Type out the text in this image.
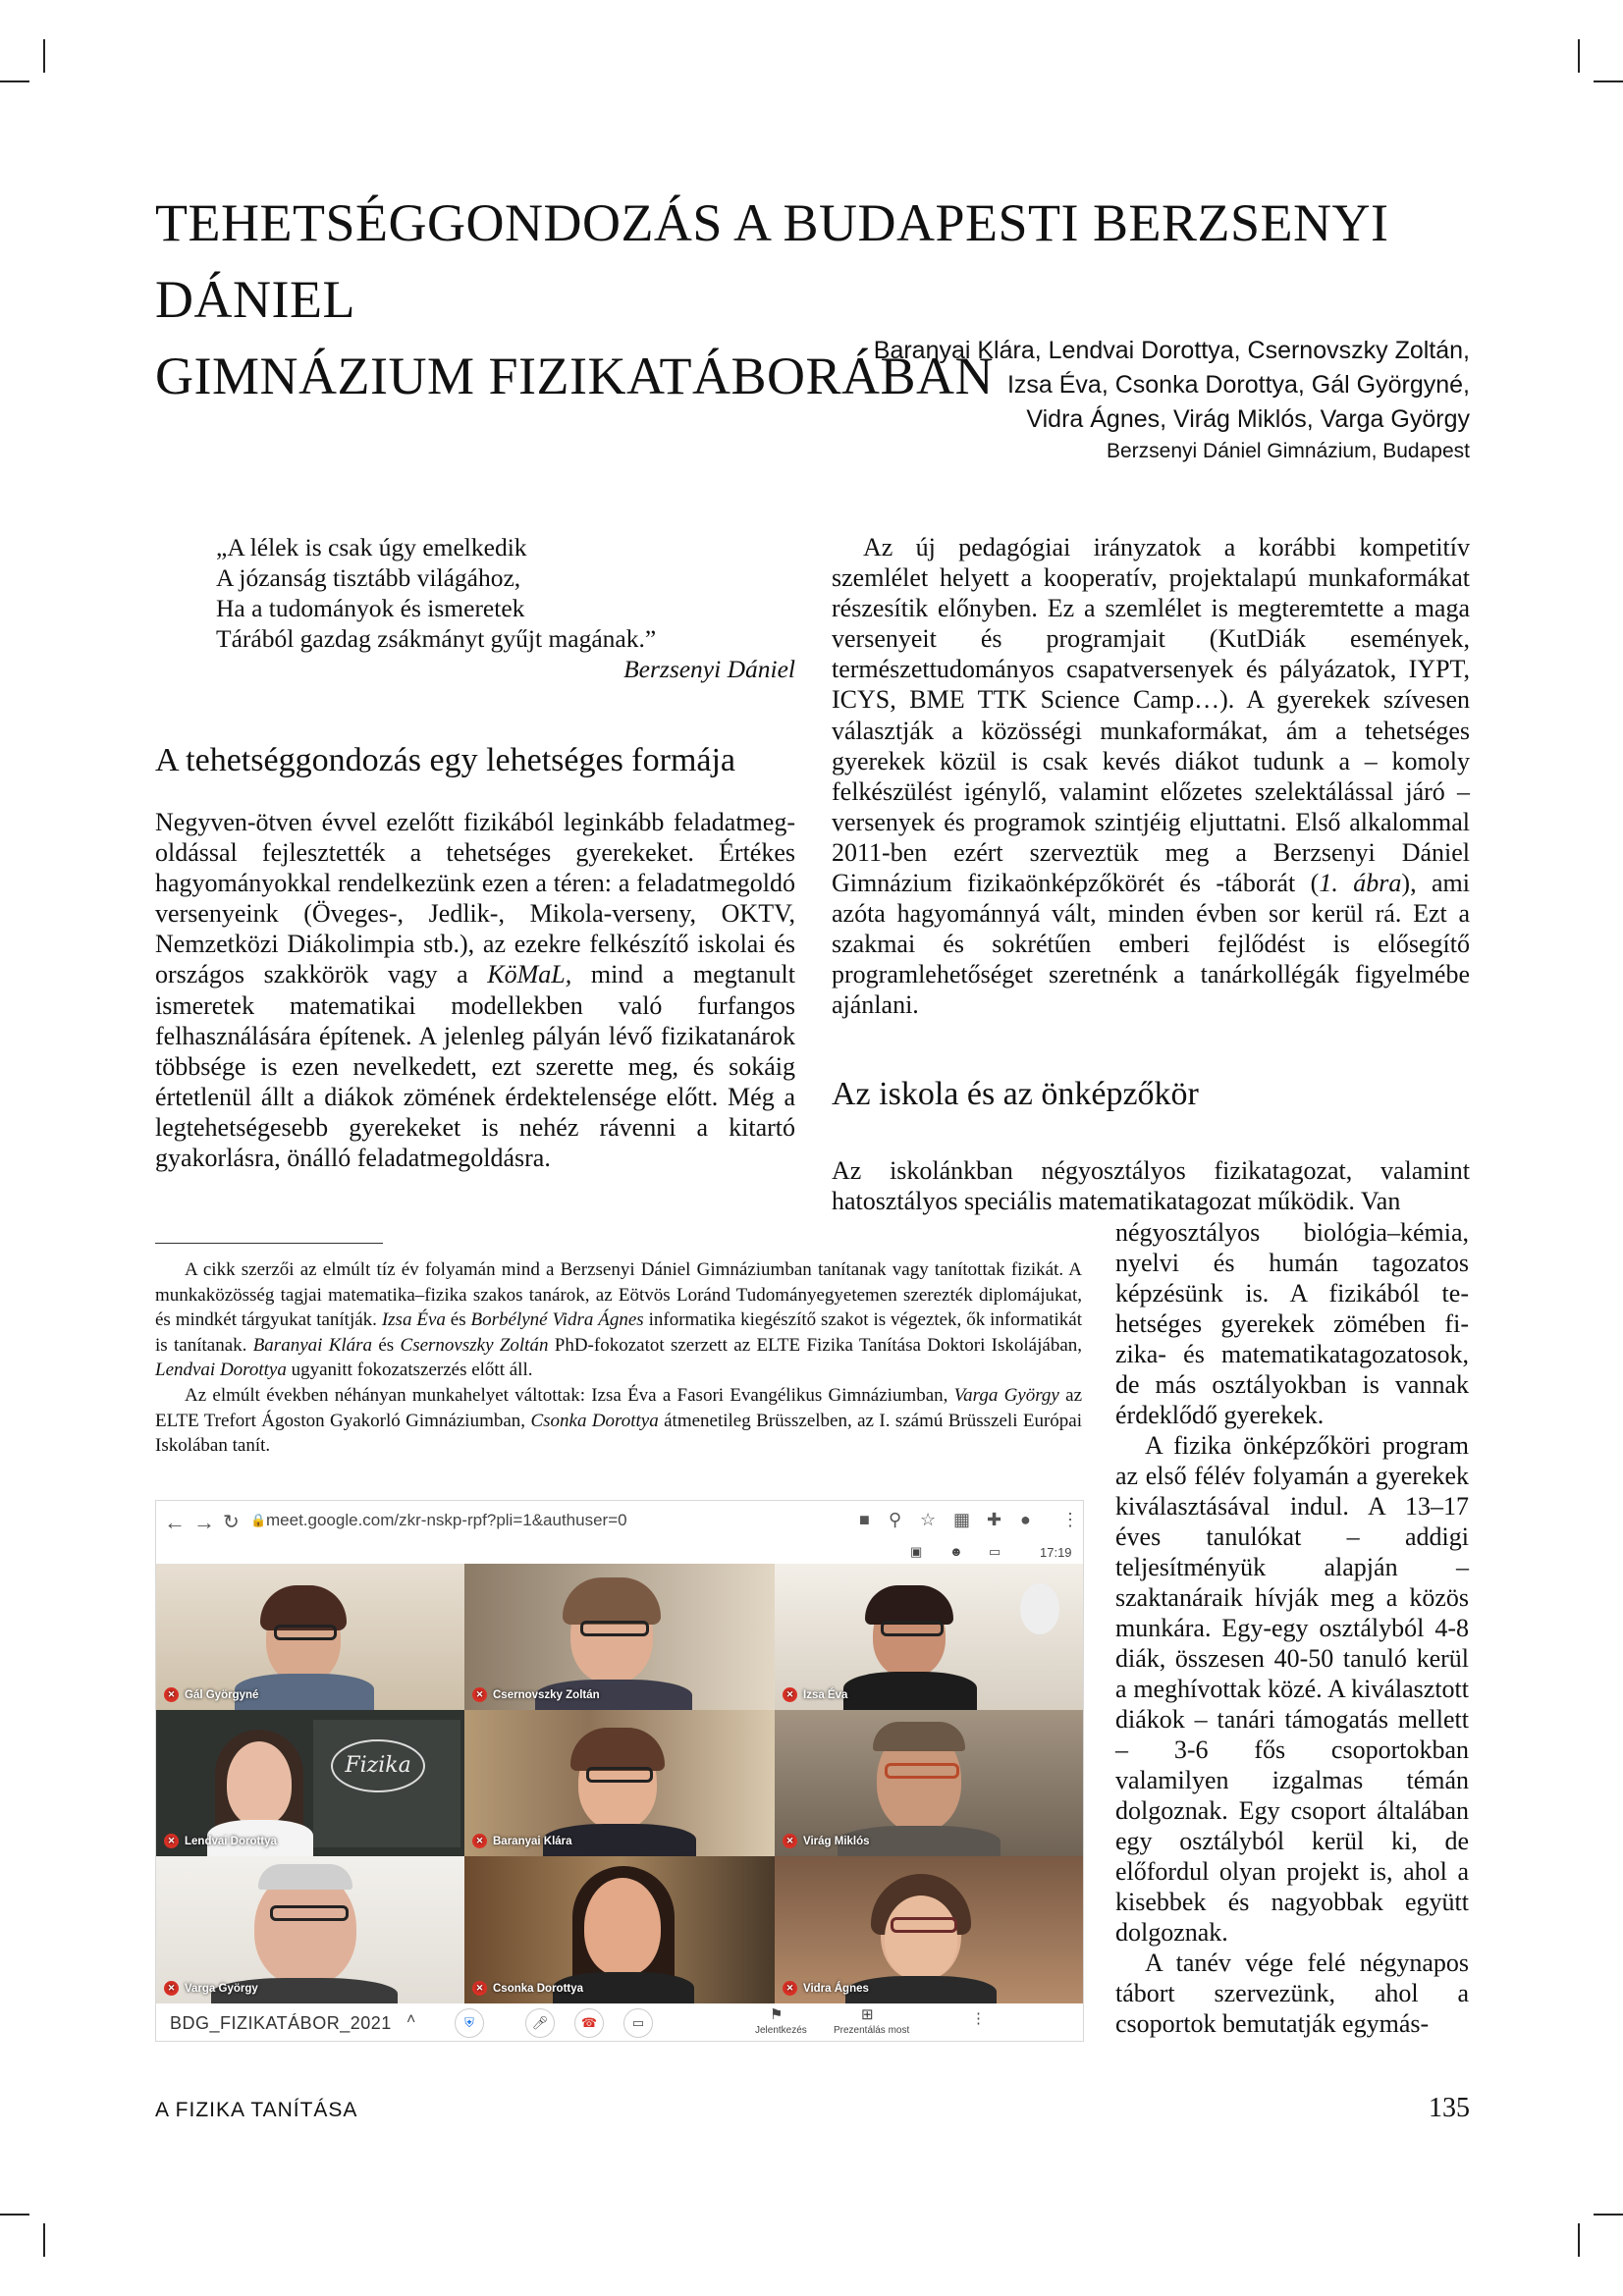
TEHETSÉGGONDOZÁS A BUDAPESTI BERZSENYI DÁNIEL
GIMNÁZIUM FIZIKATÁBORÁBAN
Baranyai Klára, Lendvai Dorottya, Csernovszky Zoltán,
Izsa Éva, Csonka Dorottya, Gál Györgyné,
Vidra Ágnes, Virág Miklós, Varga György
Berzsenyi Dániel Gimnázium, Budapest
„A lélek is csak úgy emelkedik
A józanság tisztább világához,
Ha a tudományok és ismeretek
Tárából gazdag zsákmányt gyűjt magának.”
Berzsenyi Dániel
A tehetséggondozás egy lehetséges formája

Negyven-ötven évvel ezelőtt fizikából leginkább feladatmegoldással fejlesztették a tehetséges gyerekeket. Értékes hagyományokkal rendelkezünk ezen a téren: a feladatmegoldó versenyeink (Öveges-, Jedlik-, Mikola-verseny, OKTV, Nemzetközi Diákolimpia stb.), az ezekre felkészítő iskolai és országos szakkörök vagy a KöMaL, mind a megtanult ismeretek matematikai modellekben való furfangos felhasználására építenek. A jelenleg pályán lévő fizikatanárok többsége is ezen nevelkedett, ezt szerette meg, és sokáig értetlenül állt a diákok zömének érdektelensége előtt. Még a legtehetségesebb gyerekeket is nehéz rávenni a kitartó gyakorlásra, önálló feladatmegoldásra.

Az új pedagógiai irányzatok a korábbi kompetitív szemlélet helyett a kooperatív, projektalapú munkaformákat részesítik előnyben. Ez a szemlélet is megteremtette a maga versenyeit és programjait (KutDiák események, természettudományos csapatversenyek és pályázatok, IYPT, ICYS, BME TTK Science Camp…). A gyerekek szívesen választják a közösségi munkaformákat, ám a tehetséges gyerekek közül is csak kevés diákot tudunk a – komoly felkészülést igénylő, valamint előzetes szelektálással járó – versenyek és programok szintjéig eljuttatni. Első alkalommal 2011-ben ezért szerveztük meg a Berzsenyi Dániel Gimnázium fizikaönképzőkörét és -táborát (1. ábra), ami azóta hagyománnyá vált, minden évben sor kerül rá. Ezt a szakmai és sokrétűen emberi fejlődést is elősegítő programlehetőséget szeretnénk a tanárkollégák figyelmébe ajánlani.

Az iskola és az önképzőkör

Az iskolánkban négyosztályos fizikatagozat, valamint hatosztályos speciális matematikatagozat működik. Van

négyosztályos biológia–kémia, nyelvi és humán tagozatos képzésünk is. A fizikából tehetséges gyerekek zömében fizika- és matematikatagozatosok, de más osztályokban is vannak érdeklődő gyerekek.

A fizika önképzőköri program az első félév folyamán a gyerekek kiválasztásával indul. A 13–17 éves tanulókat – addigi teljesítményük alapján – szaktanáraik hívják meg a közös munkára. Egy-egy osztályból 4-8 diák, összesen 40-50 tanuló kerül a meghívottak közé. A kiválasztott diákok – tanári támogatás mellett – 3-6 fős csoportokban valamilyen izgalmas témán dolgoznak. Egy csoport általában egy osztályból kerül ki, de előfordul olyan projekt is, ahol a kisebbek és nagyobbak együtt dolgoznak.

A tanév vége felé négynapos tábort szervezünk, ahol a csoportok bemutatják egymás-

A cikk szerzői az elmúlt tíz év folyamán mind a Berzsenyi Dániel Gimnáziumban tanítanak vagy tanítottak fizikát. A munkaközösség tagjai matematika–fizika szakos tanárok, az Eötvös Loránd Tudományegyetemen szerezték diplomájukat, és mindkét tárgyukat tanítják. Izsa Éva és Borbélyné Vidra Ágnes informatika kiegészítő szakot is végeztek, ők informatikát is tanítanak. Baranyai Klára és Csernovszky Zoltán PhD-fokozatot szerzett az ELTE Fizika Tanítása Doktori Iskolájában, Lendvai Dorottya ugyanitt fokozatszerzés előtt áll.

Az elmúlt években néhányan munkahelyet váltottak: Izsa Éva a Fasori Evangélikus Gimnáziumban, Varga György az ELTE Trefort Ágoston Gyakorló Gimnáziumban, Csonka Dorottya átmenetileg Brüsszelben, az I. számú Brüsszeli Európai Iskolában tanít.

← → ↻ 🔒 meet.google.com/zkr-nskp-rpf?pli=1&authuser=0	■ ⚲ ☆ ▦ ✚ ● ⋮
▣ ☻ ▭	17:19
✕ Gál Györgyné	✕ Csernovszky Zoltán	✕ Izsa Éva
Fizika
✕ Lendvai Dorottya	✕ Baranyai Klára	✕ Virág Miklós
✕ Varga György	✕ Csonka Dorottya	✕ Vidra Ágnes
BDG_FIZIKATÁBOR_2021 ˄	⛨	🎤︎	☎	▭	⚑
Jelentkezés
⊞
Prezentálás most
⋮
A FIZIKA TANÍTÁSA	135
